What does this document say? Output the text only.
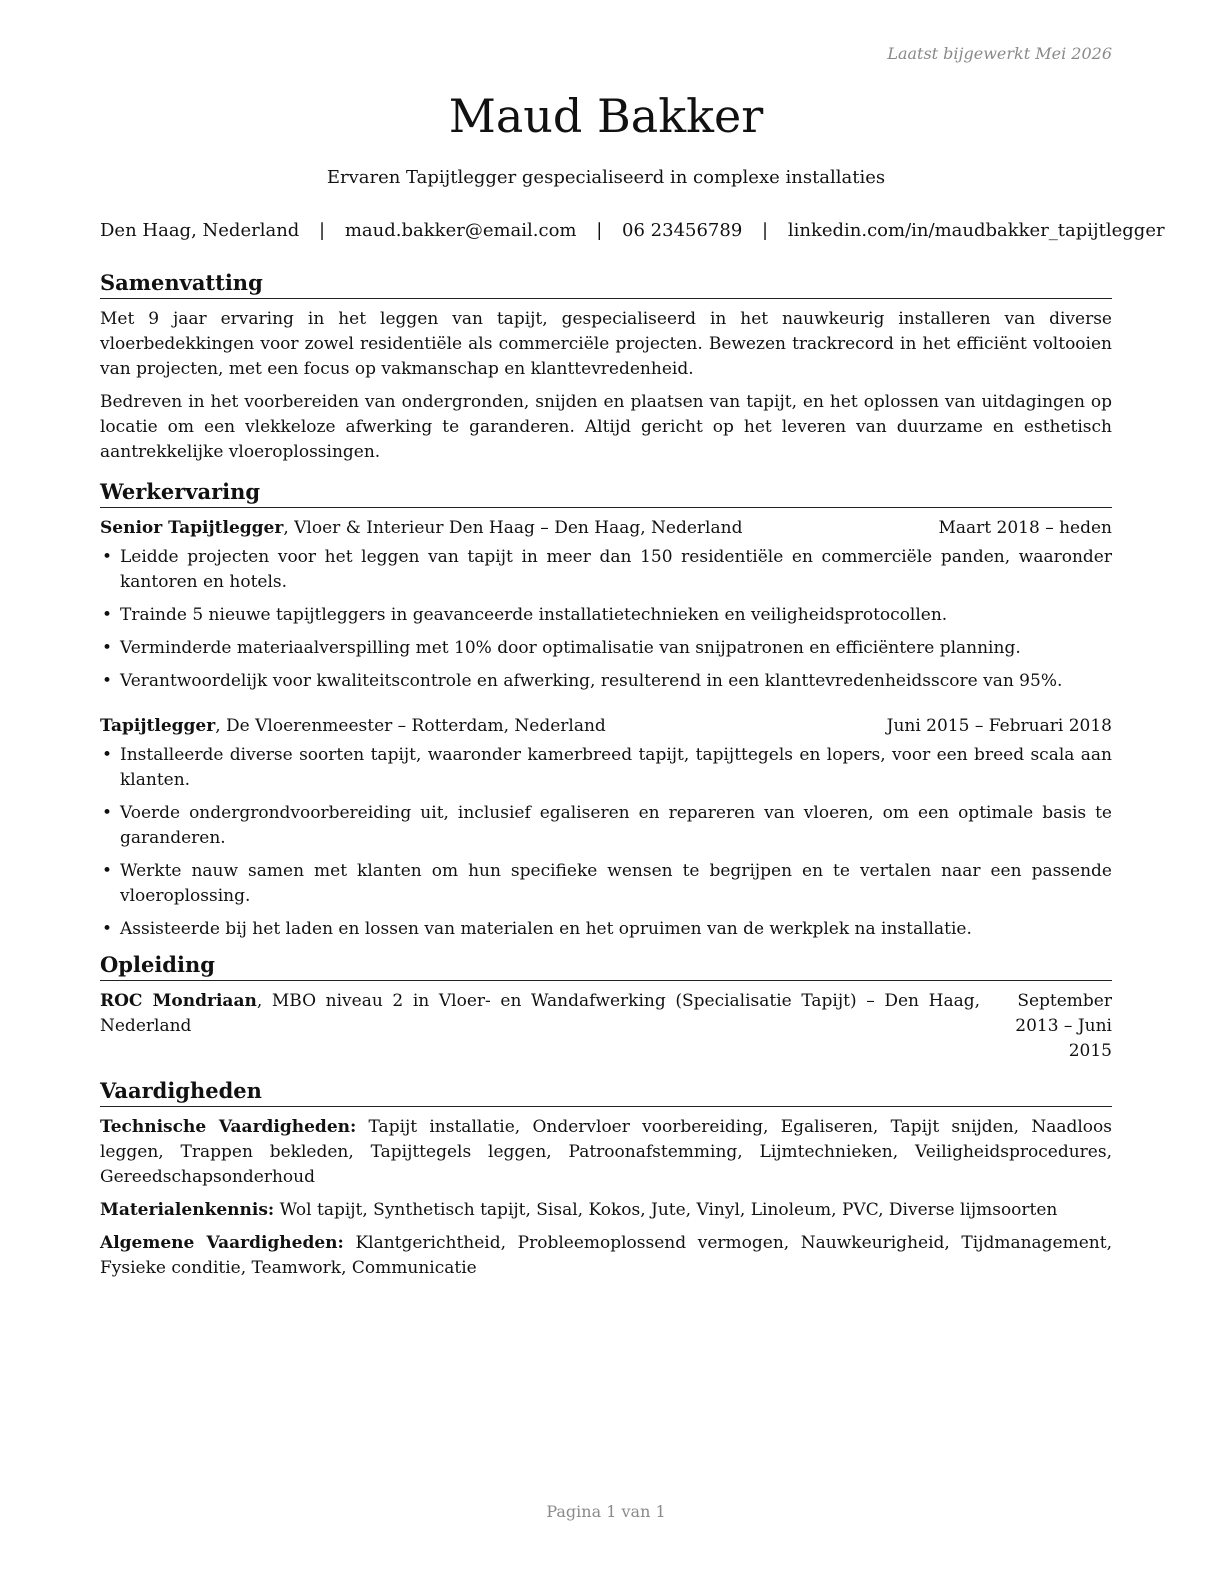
Laatst bijgewerkt Mei 2026
Maud Bakker
Ervaren Tapijtlegger gespecialiseerd in complexe installaties
Den Haag, Nederland | maud.bakker@email.com | 06 23456789 | linkedin.com/in/maudbakker_tapijtlegger
Samenvatting

Met 9 jaar ervaring in het leggen van tapijt, gespecialiseerd in het nauwkeurig installeren van diverse vloerbedekkingen voor zowel residentiële als commerciële projecten. Bewezen trackrecord in het efficiënt voltooien van projecten, met een focus op vakmanschap en klanttevredenheid.

Bedreven in het voorbereiden van ondergronden, snijden en plaatsen van tapijt, en het oplossen van uitdagingen op locatie om een vlekkeloze afwerking te garanderen. Altijd gericht op het leveren van duurzame en esthetisch aantrekkelijke vloeroplossingen.

Werkervaring
Senior Tapijtlegger, Vloer & Interieur Den Haag – Den Haag, Nederland	Maart 2018 – heden
• Leidde projecten voor het leggen van tapijt in meer dan 150 residentiële en commerciële panden, waaronder kantoren en hotels.
• Trainde 5 nieuwe tapijtleggers in geavanceerde installatietechnieken en veiligheidsprotocollen.
• Verminderde materiaalverspilling met 10% door optimalisatie van snijpatronen en efficiëntere planning.
• Verantwoordelijk voor kwaliteitscontrole en afwerking, resulterend in een klanttevredenheidsscore van 95%.
Tapijtlegger, De Vloerenmeester – Rotterdam, Nederland	Juni 2015 – Februari 2018
• Installeerde diverse soorten tapijt, waaronder kamerbreed tapijt, tapijttegels en lopers, voor een breed scala aan klanten.
• Voerde ondergrondvoorbereiding uit, inclusief egaliseren en repareren van vloeren, om een optimale basis te garanderen.
• Werkte nauw samen met klanten om hun specifieke wensen te begrijpen en te vertalen naar een passende vloeroplossing.
• Assisteerde bij het laden en lossen van materialen en het opruimen van de werkplek na installatie.
Opleiding
ROC Mondriaan, MBO niveau 2 in Vloer- en Wandafwerking (Specialisatie Tapijt) – Den Haag, Nederland
September 2013 – Juni 2015
Vaardigheden
Technische Vaardigheden: Tapijt installatie, Ondervloer voorbereiding, Egaliseren, Tapijt snijden, Naadloos leggen, Trappen bekleden, Tapijttegels leggen, Patroonafstemming, Lijmtechnieken, Veiligheidsprocedures, Gereedschapsonderhoud
Materialenkennis: Wol tapijt, Synthetisch tapijt, Sisal, Kokos, Jute, Vinyl, Linoleum, PVC, Diverse lijmsoorten
Algemene Vaardigheden: Klantgerichtheid, Probleemoplossend vermogen, Nauwkeurigheid, Tijdmanagement, Fysieke conditie, Teamwork, Communicatie
Pagina 1 van 1
